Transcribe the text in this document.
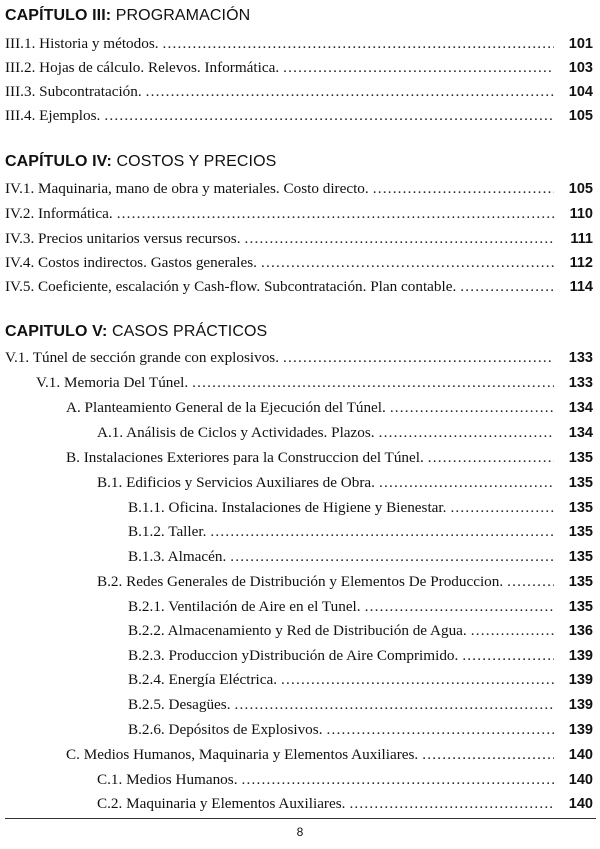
CAPÍTULO III: PROGRAMACIÓN
III.1. Historia y métodos. .....	101
III.2. Hojas de cálculo. Relevos. Informática. .....	103
III.3. Subcontratación. .....	104
III.4. Ejemplos. .....	105
CAPÍTULO IV: COSTOS Y PRECIOS
IV.1. Maquinaria, mano de obra y materiales. Costo directo. .....	105
IV.2. Informática. .....	110
IV.3. Precios unitarios versus recursos. .....	111
IV.4. Costos indirectos. Gastos generales. .....	112
IV.5. Coeficiente, escalación y Cash-flow. Subcontratación. Plan contable. .....	114
CAPITULO V: CASOS PRÁCTICOS
V.1. Túnel de sección grande con explosivos. .....	133
V.1. Memoria Del Túnel. .....	133
A. Planteamiento General de la Ejecución del Túnel. .....	134
A.1. Análisis de Ciclos y Actividades. Plazos. .....	134
B. Instalaciones Exteriores para la Construccion del Túnel. .....	135
B.1. Edificios y Servicios Auxiliares de Obra. .....	135
B.1.1. Oficina. Instalaciones de Higiene y Bienestar. .....	135
B.1.2. Taller. .....	135
B.1.3. Almacén. .....	135
B.2. Redes Generales de Distribución y Elementos De Produccion. .....	135
B.2.1. Ventilación de Aire en el Tunel. .....	135
B.2.2. Almacenamiento y Red de Distribución de Agua. .....	136
B.2.3. Produccion yDistribución de Aire Comprimido. .....	139
B.2.4. Energía Eléctrica. .....	139
B.2.5. Desagües. .....	139
B.2.6. Depósitos de Explosivos. .....	139
C. Medios Humanos, Maquinaria y Elementos Auxiliares. .....	140
C.1. Medios Humanos. .....	140
C.2. Maquinaria y Elementos Auxiliares. .....	140
8
